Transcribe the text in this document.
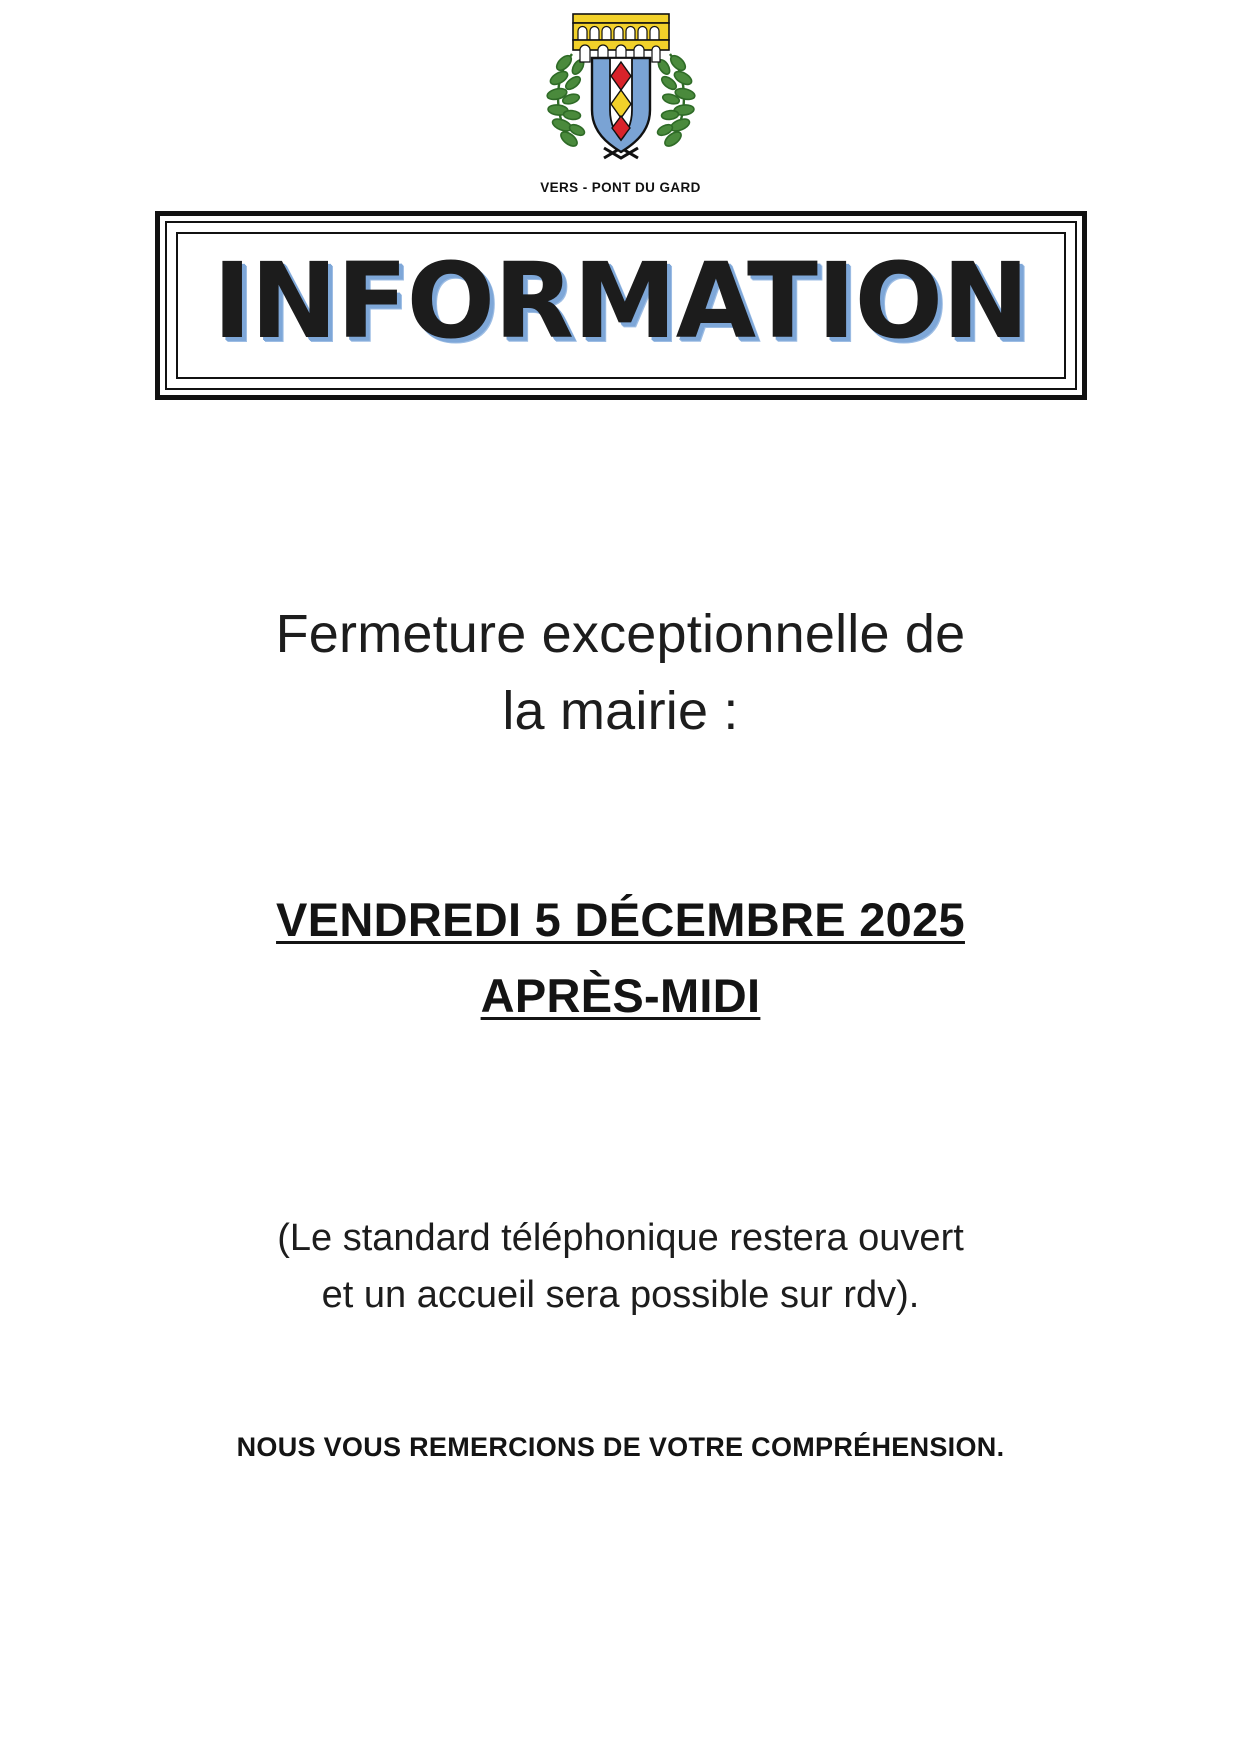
VERS - PONT DU GARD
INFORMATION
Fermeture exceptionnelle de
la mairie :
VENDREDI 5 DÉCEMBRE 2025
APRÈS-MIDI
(Le standard téléphonique restera ouvert
et un accueil sera possible sur rdv).
NOUS VOUS REMERCIONS DE VOTRE COMPRÉHENSION.
